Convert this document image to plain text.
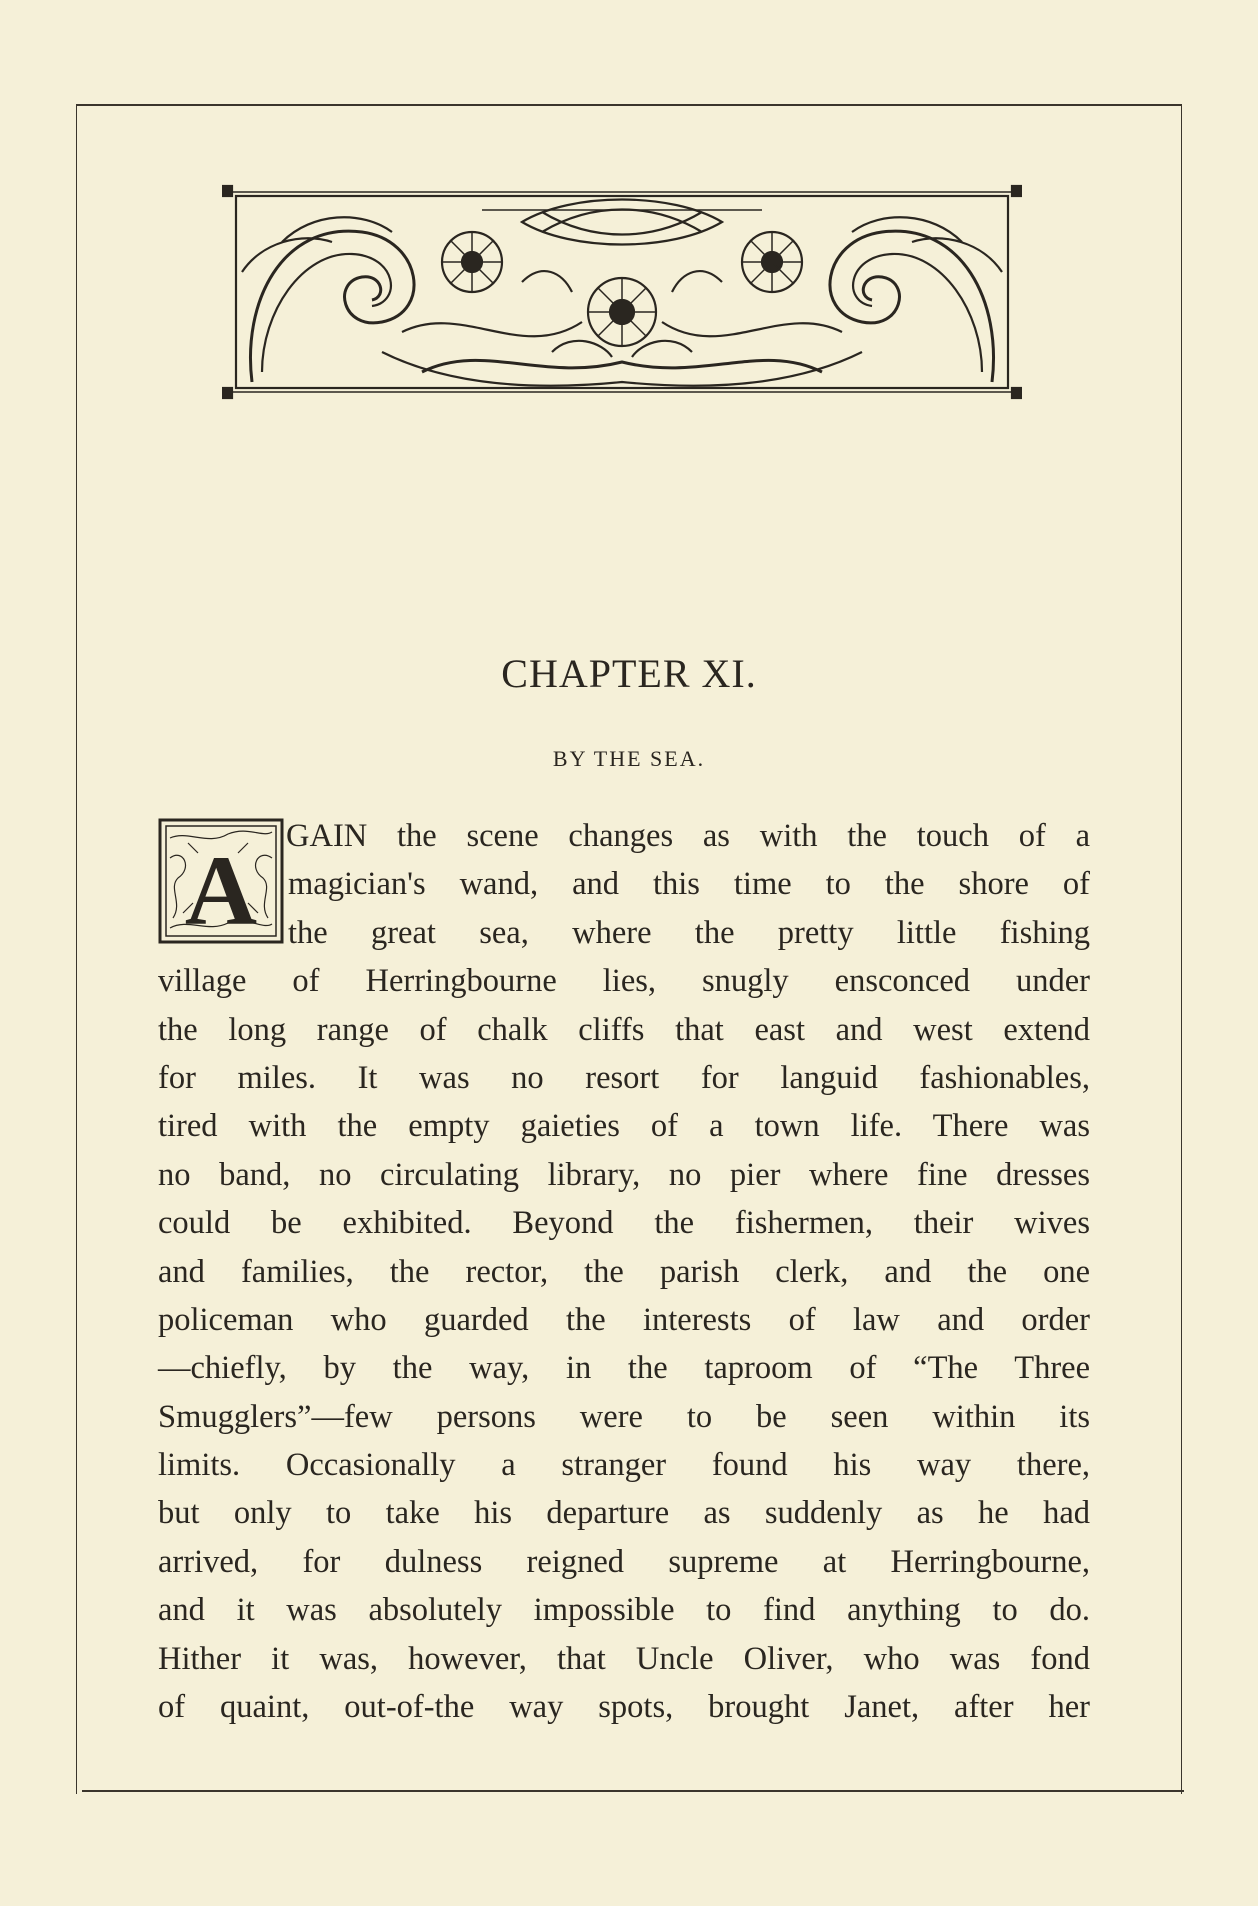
CHAPTER XI.
BY THE SEA.
A GAIN the scene changes as with the touch of a
magician's wand, and this time to the shore of
the great sea, where the pretty little fishing
village of Herringbourne lies, snugly ensconced under
the long range of chalk cliffs that east and west extend
for miles. It was no resort for languid fashionables,
tired with the empty gaieties of a town life. There was
no band, no circulating library, no pier where fine dresses
could be exhibited. Beyond the fishermen, their wives
and families, the rector, the parish clerk, and the one
policeman who guarded the interests of law and order
—chiefly, by the way, in the taproom of “The Three
Smugglers”—few persons were to be seen within its
limits. Occasionally a stranger found his way there,
but only to take his departure as suddenly as he had
arrived, for dulness reigned supreme at Herringbourne,
and it was absolutely impossible to find anything to do.
Hither it was, however, that Uncle Oliver, who was fond
of quaint, out-of-the way spots, brought Janet, after her
